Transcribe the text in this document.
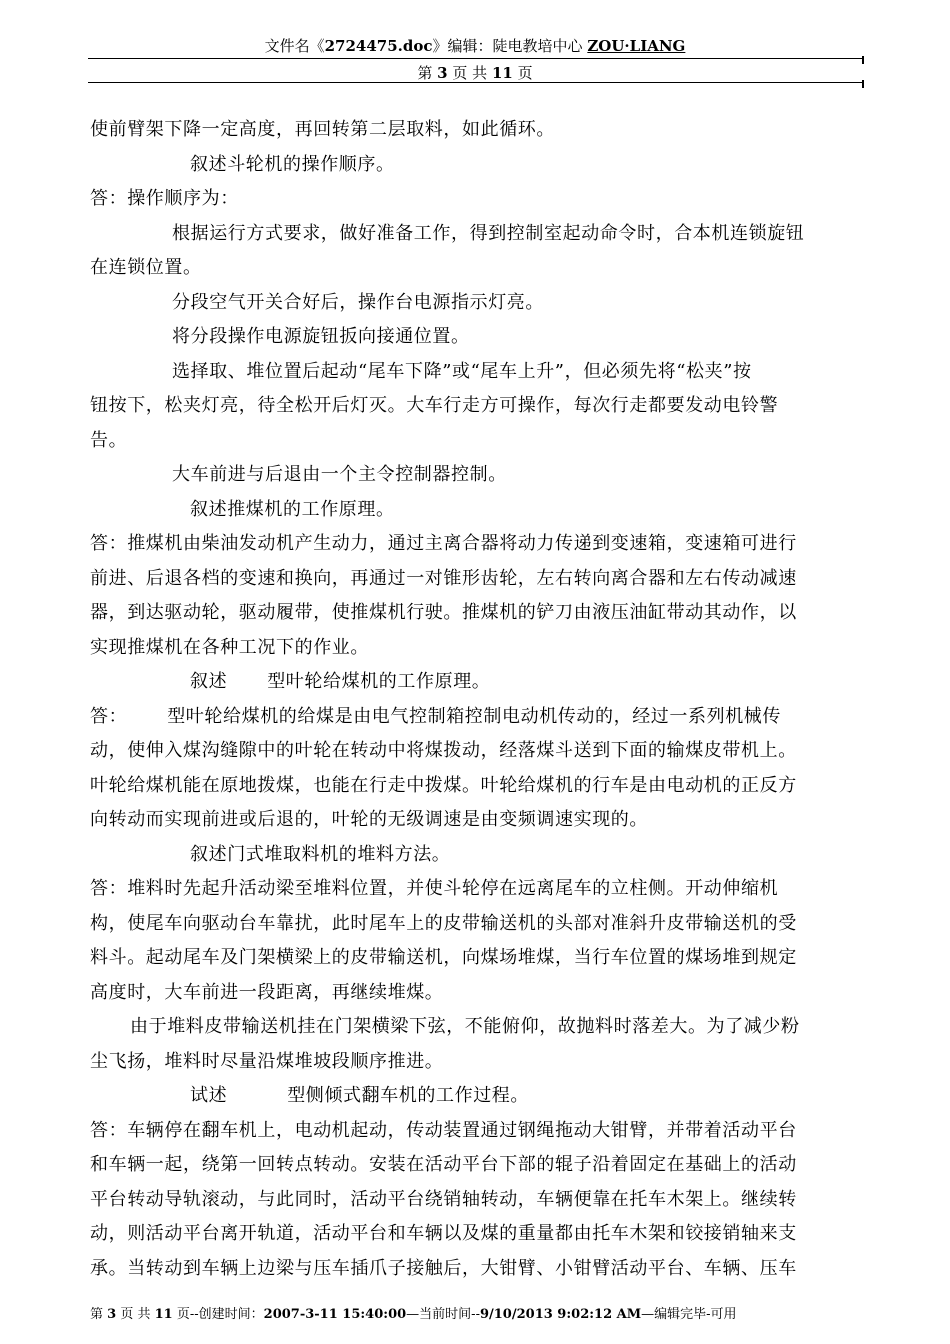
文件名《2724475.doc》编辑：陡电教培中心 ZOU·LIANG
第 3 页 共 11 页

使前臂架下降一定高度，再回转第二层取料，如此循环。

叙述斗轮机的操作顺序。

答：操作顺序为：

根据运行方式要求，做好准备工作，得到控制室起动命令时，合本机连锁旋钮

在连锁位置。

分段空气开关合好后，操作台电源指示灯亮。

将分段操作电源旋钮扳向接通位置。

选择取、堆位置后起动“尾车下降”或“尾车上升”，但必须先将“松夹”按

钮按下，松夹灯亮，待全松开后灯灭。大车行走方可操作，每次行走都要发动电铃警

告。

大车前进与后退由一个主令控制器控制。

叙述推煤机的工作原理。

答：推煤机由柴油发动机产生动力，通过主离合器将动力传递到变速箱，变速箱可进行

前进、后退各档的变速和换向，再通过一对锥形齿轮，左右转向离合器和左右传动减速

器，到达驱动轮，驱动履带，使推煤机行驶。推煤机的铲刀由液压油缸带动其动作，以

实现推煤机在各种工况下的作业。

叙述 型叶轮给煤机的工作原理。

答： 型叶轮给煤机的给煤是由电气控制箱控制电动机传动的，经过一系列机械传

动，使伸入煤沟缝隙中的叶轮在转动中将煤拨动，经落煤斗送到下面的输煤皮带机上。

叶轮给煤机能在原地拨煤，也能在行走中拨煤。叶轮给煤机的行车是由电动机的正反方

向转动而实现前进或后退的，叶轮的无级调速是由变频调速实现的。

叙述门式堆取料机的堆料方法。

答：堆料时先起升活动梁至堆料位置，并使斗轮停在远离尾车的立柱侧。开动伸缩机

构，使尾车向驱动台车靠扰，此时尾车上的皮带输送机的头部对准斜升皮带输送机的受

料斗。起动尾车及门架横梁上的皮带输送机，向煤场堆煤，当行车位置的煤场堆到规定

高度时，大车前进一段距离，再继续堆煤。

由于堆料皮带输送机挂在门架横梁下弦，不能俯仰，故抛料时落差大。为了减少粉

尘飞扬，堆料时尽量沿煤堆坡段顺序推进。

试述	型侧倾式翻车机的工作过程。

答：车辆停在翻车机上，电动机起动，传动装置通过钢绳拖动大钳臂，并带着活动平台

和车辆一起，绕第一回转点转动。安装在活动平台下部的辊子沿着固定在基础上的活动

平台转动导轨滚动，与此同时，活动平台绕销轴转动，车辆便靠在托车木架上。继续转

动，则活动平台离开轨道，活动平台和车辆以及煤的重量都由托车木架和铰接销轴来支

承。当转动到车辆上边梁与压车插爪子接触后，大钳臂、小钳臂活动平台、车辆、压车

第 3 页 共 11 页--创建时间：2007-3-11 15:40:00—当前时间--9/10/2013 9:02:12 AM—编辑完毕-可用
